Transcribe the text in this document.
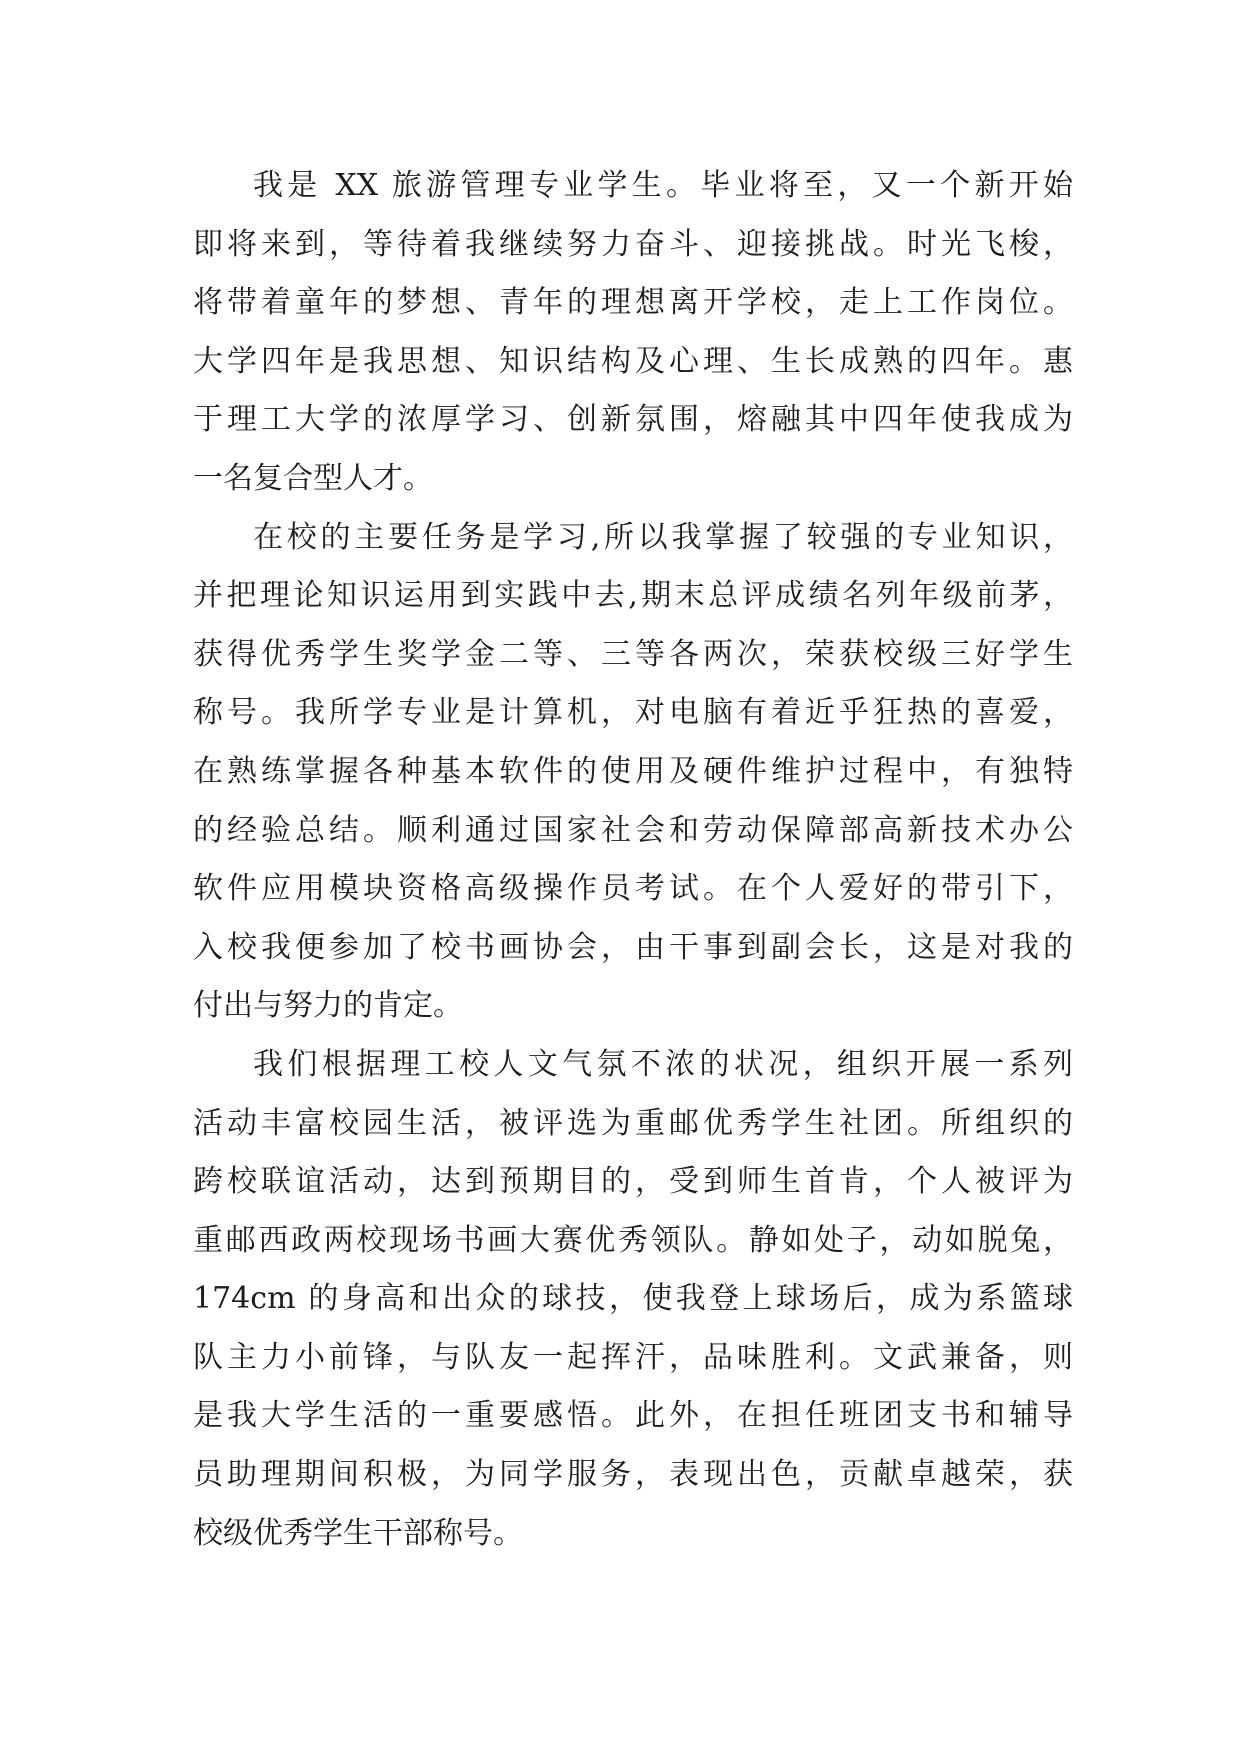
我是 XX 旅游管理专业学生。毕业将至，又一个新开始
即将来到，等待着我继续努力奋斗、迎接挑战。时光飞梭，
将带着童年的梦想、青年的理想离开学校，走上工作岗位。
大学四年是我思想、知识结构及心理、生长成熟的四年。惠
于理工大学的浓厚学习、创新氛围，熔融其中四年使我成为
一名复合型人才。
在校的主要任务是学习,所以我掌握了较强的专业知识，
并把理论知识运用到实践中去,期末总评成绩名列年级前茅，
获得优秀学生奖学金二等、三等各两次，荣获校级三好学生
称号。我所学专业是计算机，对电脑有着近乎狂热的喜爱，
在熟练掌握各种基本软件的使用及硬件维护过程中，有独特
的经验总结。顺利通过国家社会和劳动保障部高新技术办公
软件应用模块资格高级操作员考试。在个人爱好的带引下，
入校我便参加了校书画协会，由干事到副会长，这是对我的
付出与努力的肯定。
我们根据理工校人文气氛不浓的状况，组织开展一系列
活动丰富校园生活，被评选为重邮优秀学生社团。所组织的
跨校联谊活动，达到预期目的，受到师生首肯，个人被评为
重邮西政两校现场书画大赛优秀领队。静如处子，动如脱兔，
174cm 的身高和出众的球技，使我登上球场后，成为系篮球
队主力小前锋，与队友一起挥汗，品味胜利。文武兼备，则
是我大学生活的一重要感悟。此外，在担任班团支书和辅导
员助理期间积极，为同学服务，表现出色，贡献卓越荣，获
校级优秀学生干部称号。
